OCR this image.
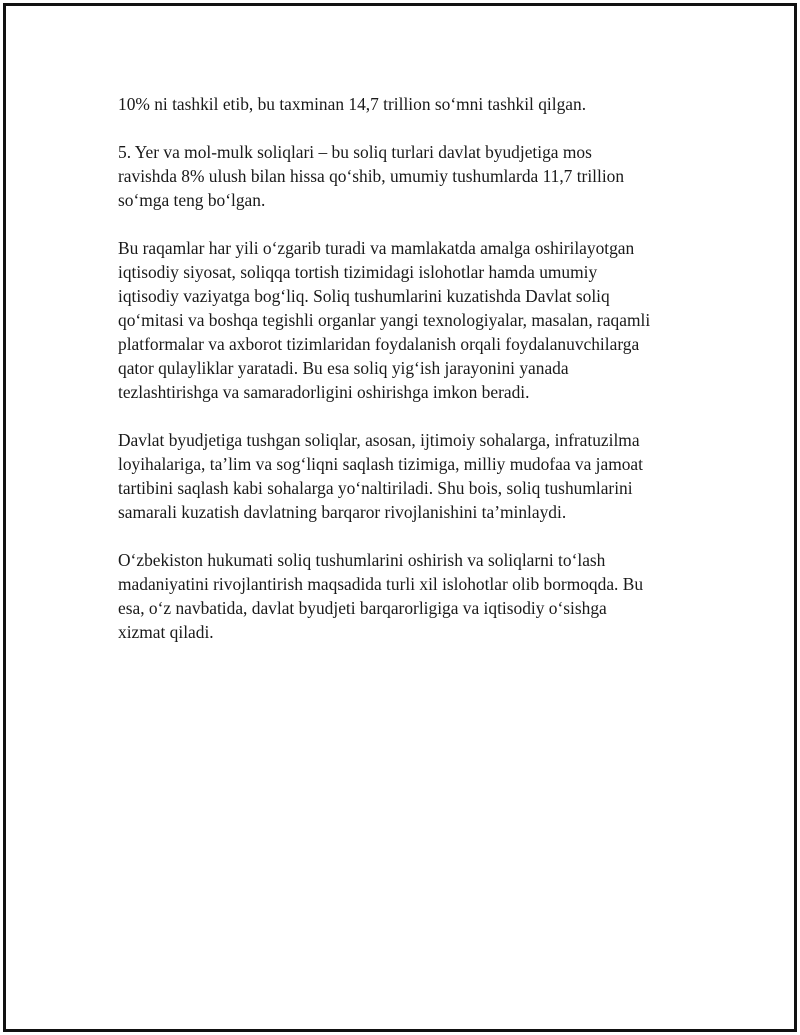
10% ni tashkil etib, bu taxminan 14,7 trillion so‘mni tashkil qilgan.

5. Yer va mol-mulk soliqlari – bu soliq turlari davlat byudjetiga mos
ravishda 8% ulush bilan hissa qo‘shib, umumiy tushumlarda 11,7 trillion
so‘mga teng bo‘lgan.

Bu raqamlar har yili o‘zgarib turadi va mamlakatda amalga oshirilayotgan
iqtisodiy siyosat, soliqqa tortish tizimidagi islohotlar hamda umumiy
iqtisodiy vaziyatga bog‘liq. Soliq tushumlarini kuzatishda Davlat soliq
qo‘mitasi va boshqa tegishli organlar yangi texnologiyalar, masalan, raqamli
platformalar va axborot tizimlaridan foydalanish orqali foydalanuvchilarga
qator qulayliklar yaratadi. Bu esa soliq yig‘ish jarayonini yanada
tezlashtirishga va samaradorligini oshirishga imkon beradi.

Davlat byudjetiga tushgan soliqlar, asosan, ijtimoiy sohalarga, infratuzilma
loyihalariga, ta’lim va sog‘liqni saqlash tizimiga, milliy mudofaa va jamoat
tartibini saqlash kabi sohalarga yo‘naltiriladi. Shu bois, soliq tushumlarini
samarali kuzatish davlatning barqaror rivojlanishini ta’minlaydi.

O‘zbekiston hukumati soliq tushumlarini oshirish va soliqlarni to‘lash
madaniyatini rivojlantirish maqsadida turli xil islohotlar olib bormoqda. Bu
esa, o‘z navbatida, davlat byudjeti barqarorligiga va iqtisodiy o‘sishga
xizmat qiladi.
